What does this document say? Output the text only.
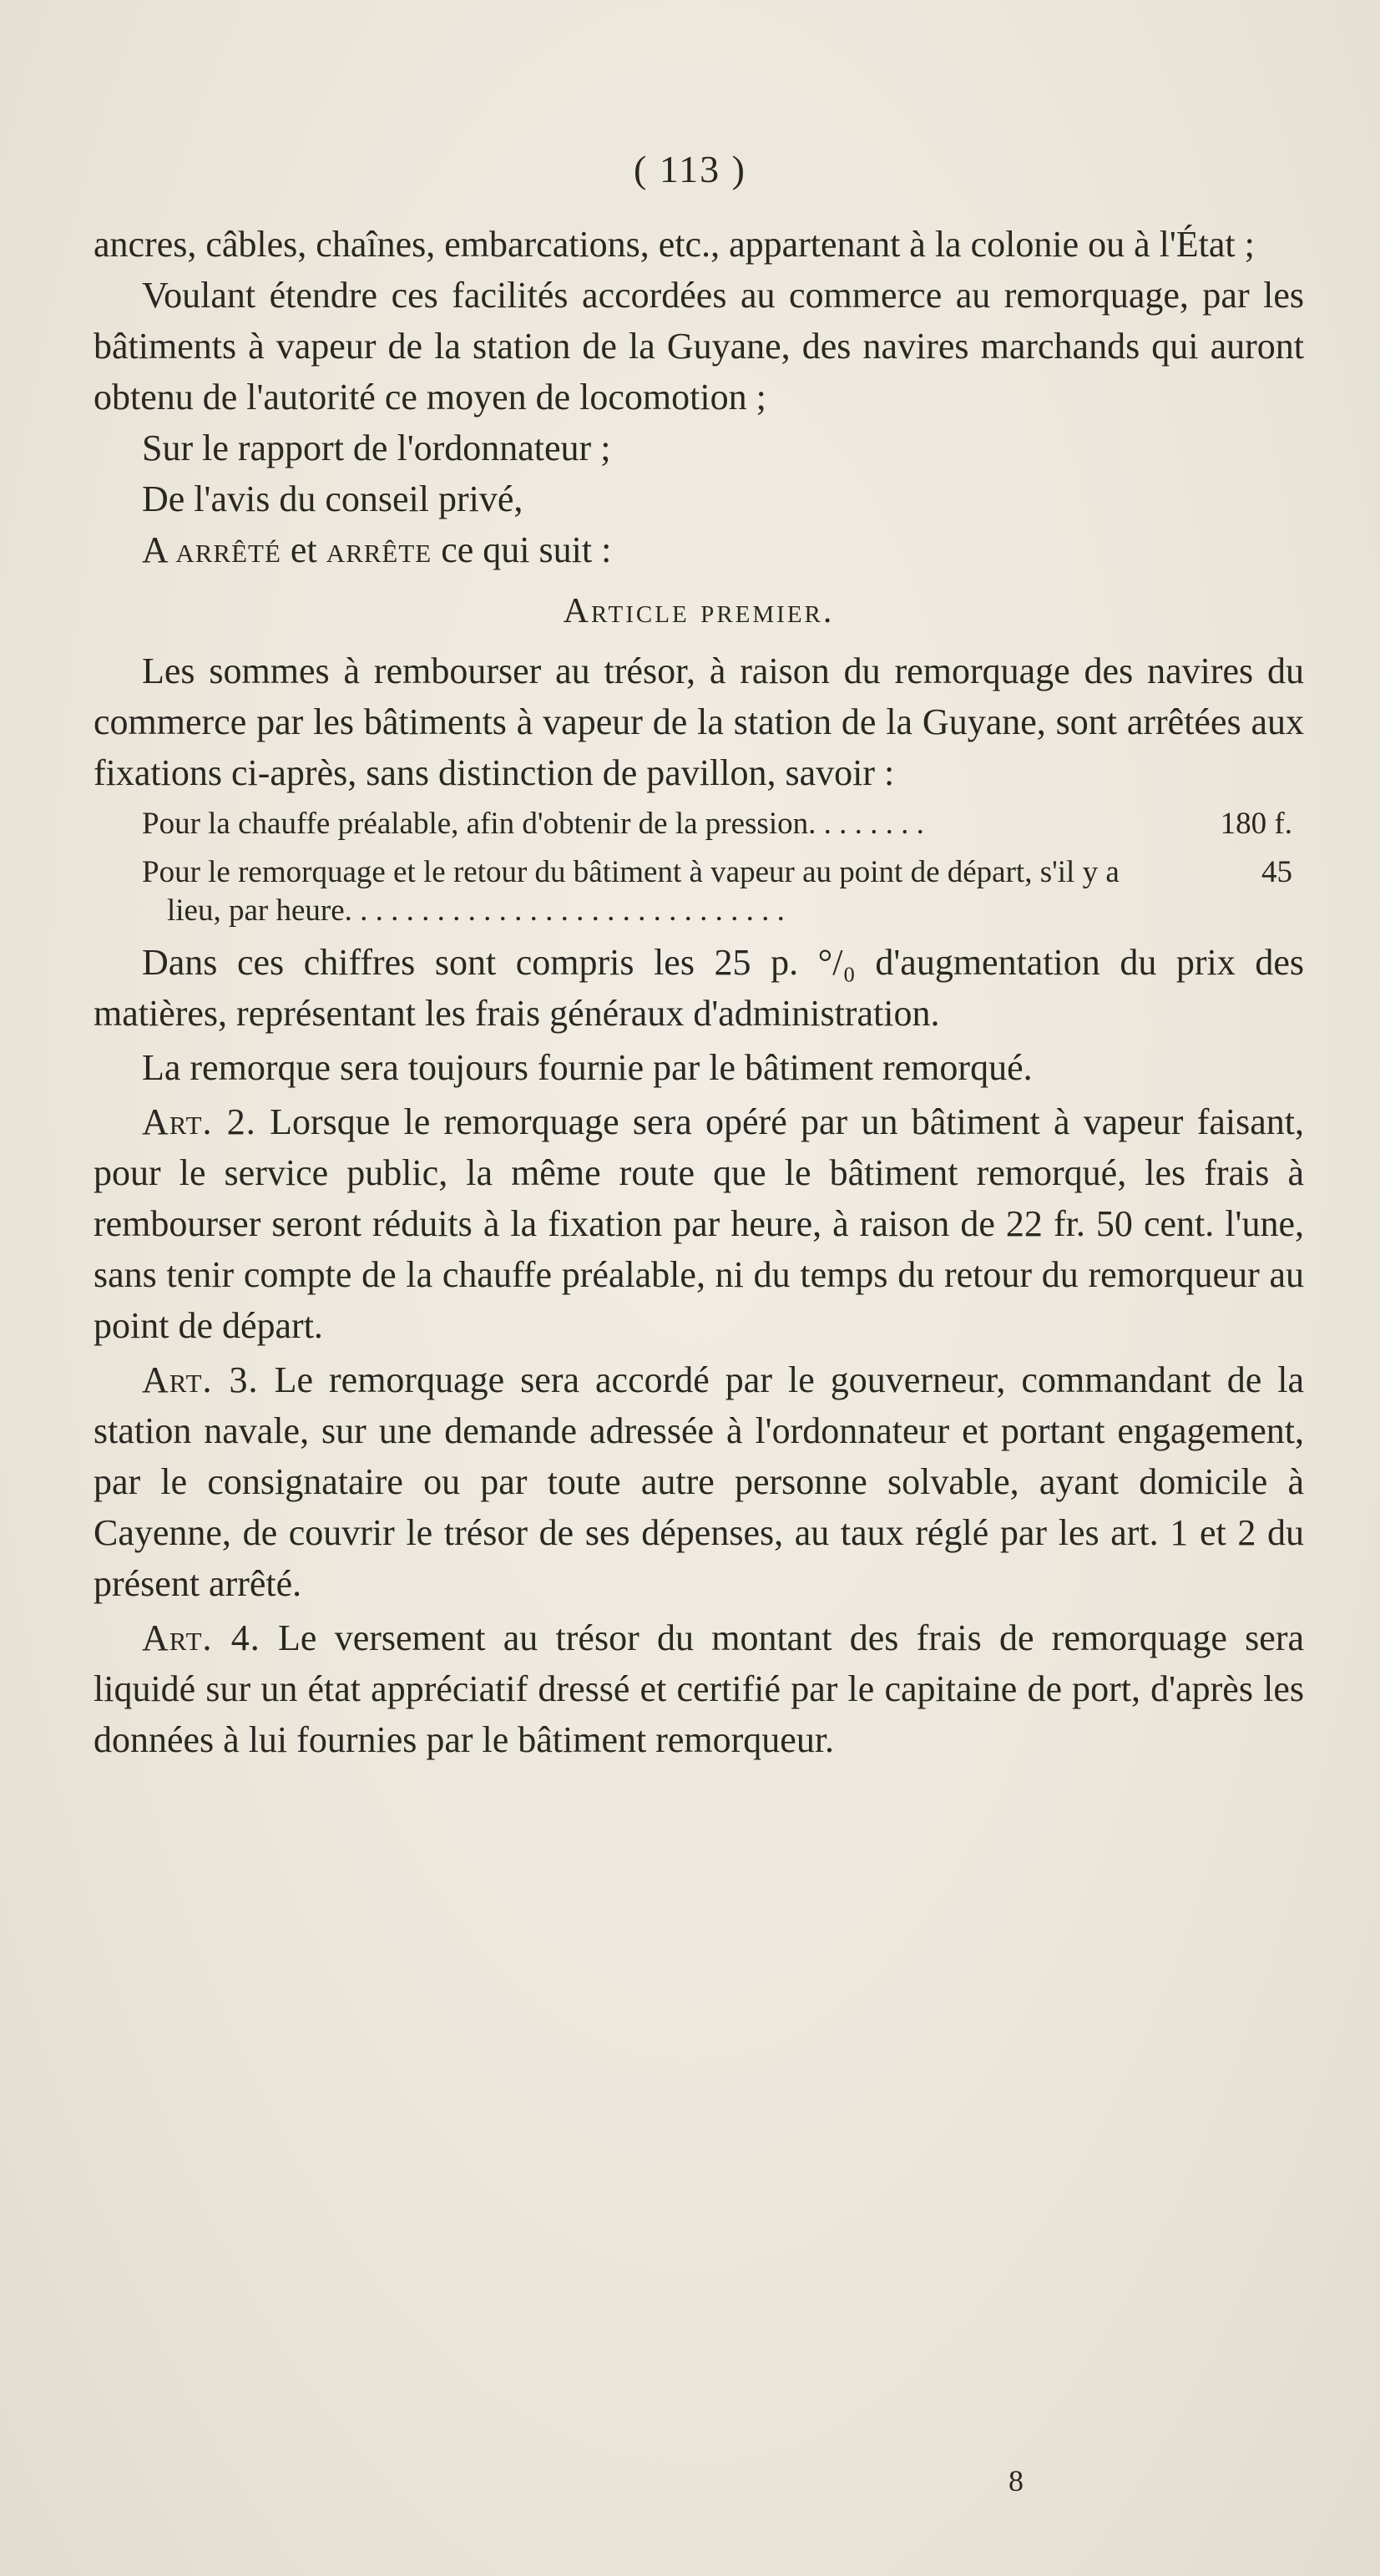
( 113 )

ancres, câbles, chaînes, embarcations, etc., appartenant à la colonie ou à l'État ;

Voulant étendre ces facilités accordées au commerce au remorquage, par les bâtiments à vapeur de la station de la Guyane, des navires marchands qui auront obtenu de l'autorité ce moyen de locomotion ;

Sur le rapport de l'ordonnateur ;

De l'avis du conseil privé,

A arrêté et arrête ce qui suit :

Article premier.

Les sommes à rembourser au trésor, à raison du remorquage des navires du commerce par les bâtiments à vapeur de la station de la Guyane, sont arrêtées aux fixations ci-après, sans distinction de pavillon, savoir :

Pour la chauffe préalable, afin d'obtenir de la pression. . . . . . . .	180 f.
Pour le remorquage et le retour du bâtiment à vapeur au point de départ, s'il y a lieu, par heure. . . . . . . . . . . . . . . . . . . . . . . . . . . . .
45

Dans ces chiffres sont compris les 25 p. °/₀ d'augmentation du prix des matières, représentant les frais généraux d'administration.

La remorque sera toujours fournie par le bâtiment remorqué.

Art. 2. Lorsque le remorquage sera opéré par un bâtiment à vapeur faisant, pour le service public, la même route que le bâtiment remorqué, les frais à rembourser seront réduits à la fixation par heure, à raison de 22 fr. 50 cent. l'une, sans tenir compte de la chauffe préalable, ni du temps du retour du remorqueur au point de départ.

Art. 3. Le remorquage sera accordé par le gouverneur, commandant de la station navale, sur une demande adressée à l'ordonnateur et portant engagement, par le consignataire ou par toute autre personne solvable, ayant domicile à Cayenne, de couvrir le trésor de ses dépenses, au taux réglé par les art. 1 et 2 du présent arrêté.

Art. 4. Le versement au trésor du montant des frais de remorquage sera liquidé sur un état appréciatif dressé et certifié par le capitaine de port, d'après les données à lui fournies par le bâtiment remorqueur.

8
